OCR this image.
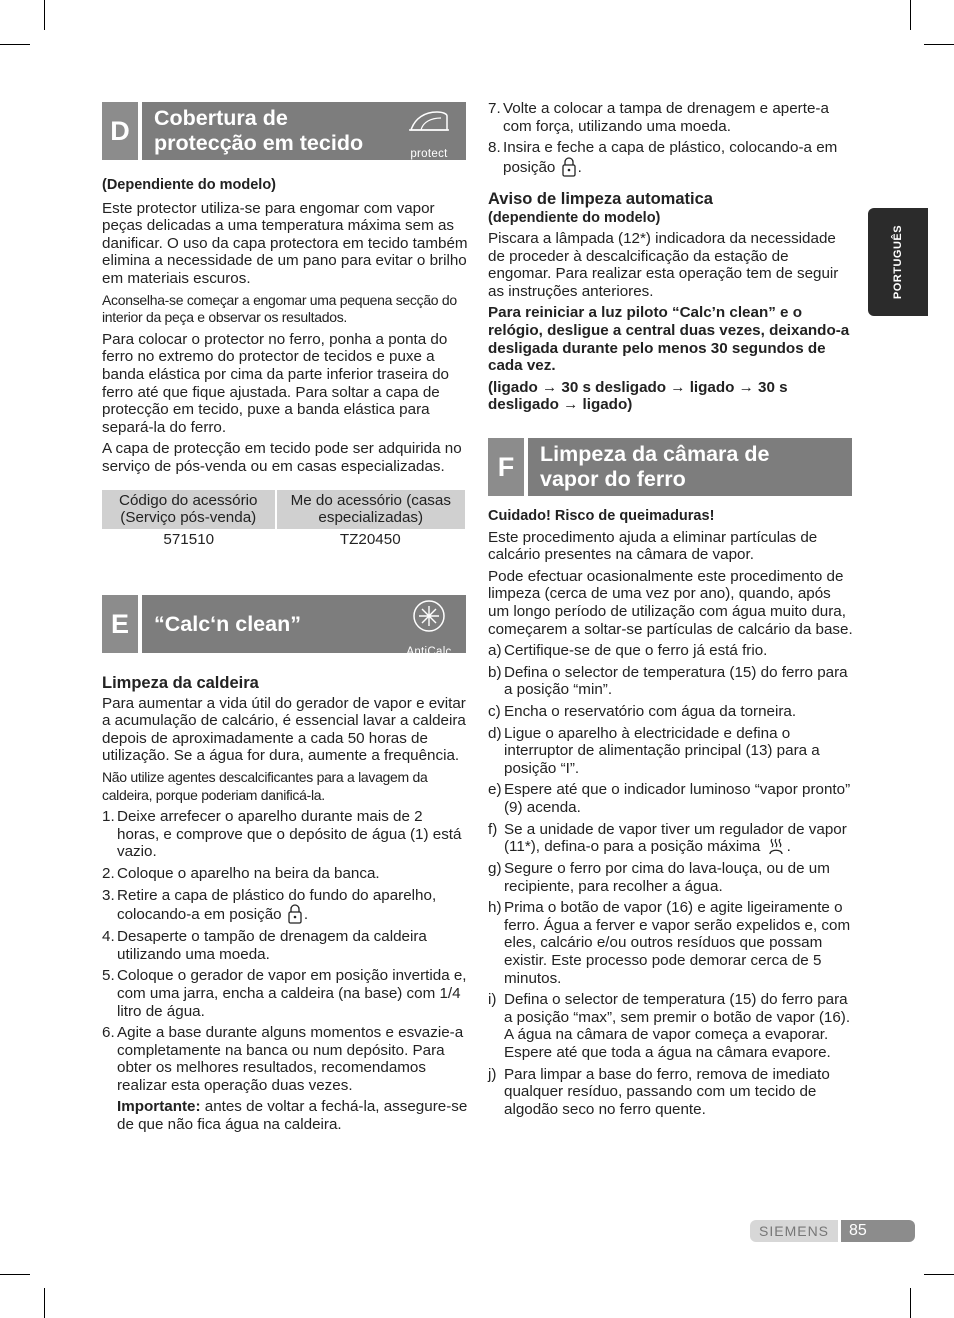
PORTUGUÊS
D	Cobertura de
protecção em tecido	protect

(Dependiente do modelo)

Este protector utiliza-se para engomar com vapor peças delicadas a uma temperatura máxima sem as danificar. O uso da capa protectora em tecido também elimina a necessidade de um pano para evitar o brilho em materiais escuros.

Aconselha-se começar a engomar uma pequena secção do interior da peça e observar os resultados.

Para colocar o protector no ferro, ponha a ponta do ferro no extremo do protector de tecidos e puxe a banda elástica por cima da parte inferior traseira do ferro até que fique ajustada. Para soltar a capa de protecção em tecido, puxe a banda elástica para separá-la do ferro.

A capa de protecção em tecido pode ser adquirida no serviço de pós-venda ou em casas especializadas.

Código do acessório (Serviço pós-venda)	Me do acessório (casas especializadas)
571510	TZ20450
E	“Calc‘n clean”
AntiCalc

Limpeza da caldeira

Para aumentar a vida útil do gerador de vapor e evitar a acumulação de calcário, é essencial lavar a caldeira depois de aproximadamente a cada 50 horas de utilização. Se a água for dura, aumente a frequência.

Não utilize agentes descalcificantes para a lavagem da caldeira, porque poderiam danificá-la.

1. Deixe arrefecer o aparelho durante mais de 2 horas, e comprove que o depósito de água (1) está vazio.
2. Coloque o aparelho na beira da banca.
3. Retire a capa de plástico do fundo do aparelho, colocando-a em posição .
4. Desaperte o tampão de drenagem da caldeira utilizando uma moeda.
5. Coloque o gerador de vapor em posição invertida e, com uma jarra, encha a caldeira (na base) com 1/4 litro de água.
6. Agite a base durante alguns momentos e esvazie-a completamente na banca ou num depósito. Para obter os melhores resultados, recomendamos realizar esta operação duas vezes.
Importante: antes de voltar a fechá-la, assegure-se de que não fica água na caldeira.
7. Volte a colocar a tampa de drenagem e aperte-a com força, utilizando uma moeda.
8. Insira e feche a capa de plástico, colocando-a em posição .

Aviso de limpeza automatica

(dependiente do modelo)

Piscara a lâmpada (12*) indicadora da necessidade de proceder à descalcificação da estação de engomar. Para realizar esta operação tem de seguir as instruções anteriores.

Para reiniciar a luz piloto “Calc’n clean” e o relógio, desligue a central duas vezes, deixando-a desligada durante pelo menos 30 segundos de cada vez.

(ligado → 30 s desligado → ligado → 30 s desligado → ligado)

F	Limpeza da câmara de
vapor do ferro

Cuidado! Risco de queimaduras!

Este procedimento ajuda a eliminar partículas de calcário presentes na câmara de vapor.

Pode efectuar ocasionalmente este procedimento de limpeza (cerca de uma vez por ano), quando, após um longo período de utilização com água muito dura, começarem a soltar-se partículas de calcário da base.

a) Certifique-se de que o ferro já está frio.
b) Defina o selector de temperatura (15) do ferro para a posição “min”.
c) Encha o reservatório com água da torneira.
d) Ligue o aparelho à electricidade e defina o interruptor de alimentação principal (13) para a posição “I”.
e) Espere até que o indicador luminoso “vapor pronto” (9) acenda.
f) Se a unidade de vapor tiver um regulador de vapor (11*), defina-o para a posição máxima .
g) Segure o ferro por cima do lava-louça, ou de um recipiente, para recolher a água.
h) Prima o botão de vapor (16) e agite ligeiramente o ferro. Água a ferver e vapor serão expelidos e, com eles, calcário e/ou outros resíduos que possam existir. Este processo pode demorar cerca de 5 minutos.
i) Defina o selector de temperatura (15) do ferro para a posição “max”, sem premir o botão de vapor (16). A água na câmara de vapor começa a evaporar. Espere até que toda a água na câmara evapore.
j) Para limpar a base do ferro, remova de imediato qualquer resíduo, passando com um tecido de algodão seco no ferro quente.
SIEMENS	85
